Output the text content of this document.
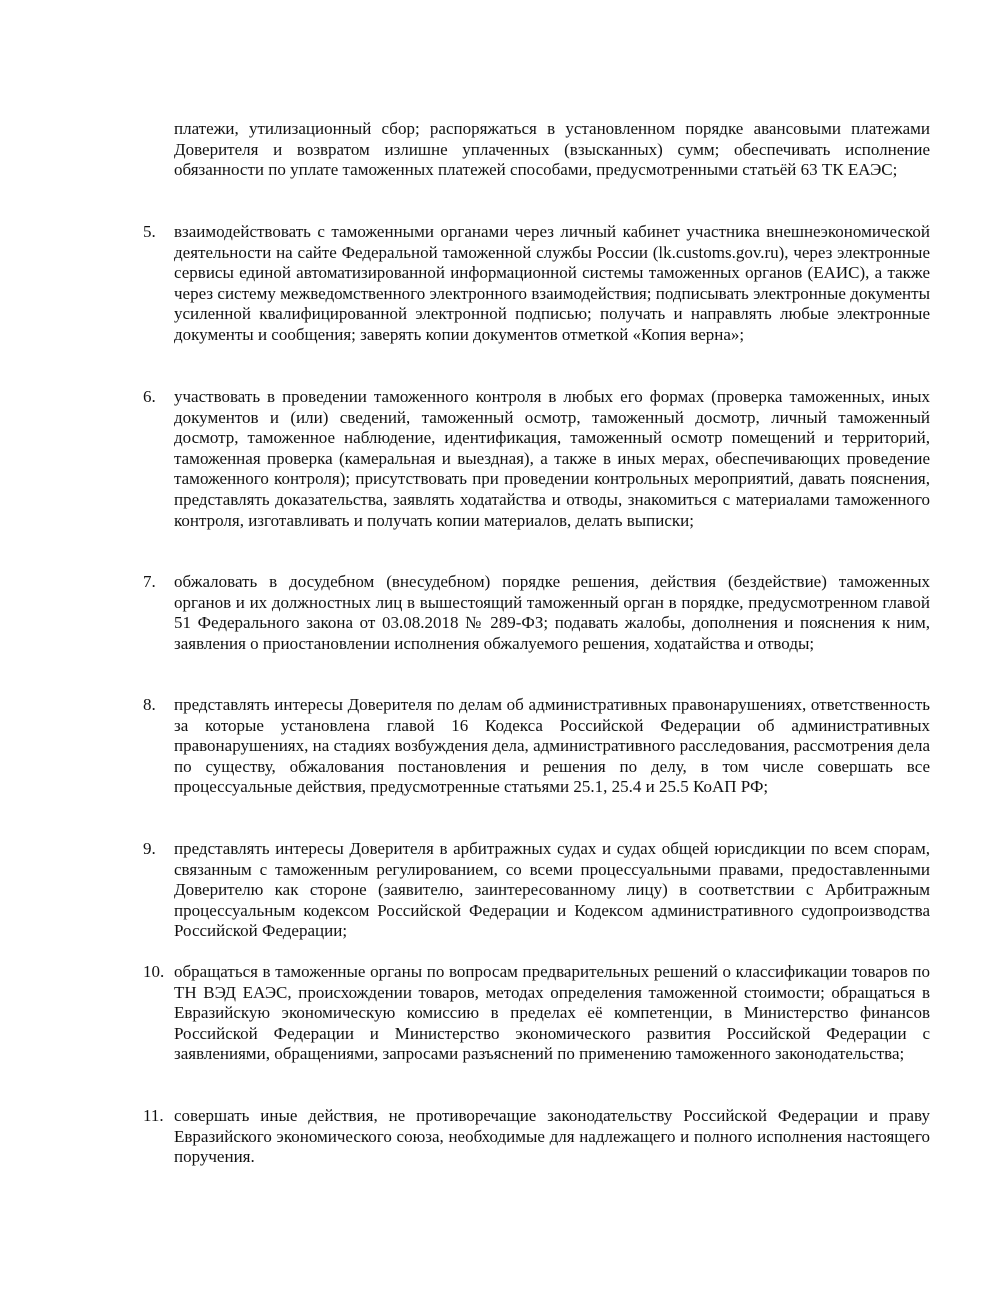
платежи, утилизационный сбор; распоряжаться в установленном порядке авансовыми платежами Доверителя и возвратом излишне уплаченных (взысканных) сумм; обеспечивать исполнение обязанности по уплате таможенных платежей способами, предусмотренными статьёй 63 ТК ЕАЭС;

5. взаимодействовать с таможенными органами через личный кабинет участника внешнеэкономической деятельности на сайте Федеральной таможенной службы России (lk.customs.gov.ru), через электронные сервисы единой автоматизированной информационной системы таможенных органов (ЕАИС), а также через систему межведомственного электронного взаимодействия; подписывать электронные документы усиленной квалифицированной электронной подписью; получать и направлять любые электронные документы и сообщения; заверять копии документов отметкой «Копия верна»;

6. участвовать в проведении таможенного контроля в любых его формах (проверка таможенных, иных документов и (или) сведений, таможенный осмотр, таможенный досмотр, личный таможенный досмотр, таможенное наблюдение, идентификация, таможенный осмотр помещений и территорий, таможенная проверка (камеральная и выездная), а также в иных мерах, обеспечивающих проведение таможенного контроля); присутствовать при проведении контрольных мероприятий, давать пояснения, представлять доказательства, заявлять ходатайства и отводы, знакомиться с материалами таможенного контроля, изготавливать и получать копии материалов, делать выписки;

7. обжаловать в досудебном (внесудебном) порядке решения, действия (бездействие) таможенных органов и их должностных лиц в вышестоящий таможенный орган в порядке, предусмотренном главой 51 Федерального закона от 03.08.2018 № 289-ФЗ; подавать жалобы, дополнения и пояснения к ним, заявления о приостановлении исполнения обжалуемого решения, ходатайства и отводы;

8. представлять интересы Доверителя по делам об административных правонарушениях, ответственность за которые установлена главой 16 Кодекса Российской Федерации об административных правонарушениях, на стадиях возбуждения дела, административного расследования, рассмотрения дела по существу, обжалования постановления и решения по делу, в том числе совершать все процессуальные действия, предусмотренные статьями 25.1, 25.4 и 25.5 КоАП РФ;

9. представлять интересы Доверителя в арбитражных судах и судах общей юрисдикции по всем спорам, связанным с таможенным регулированием, со всеми процессуальными правами, предоставленными Доверителю как стороне (заявителю, заинтересованному лицу) в соответствии с Арбитражным процессуальным кодексом Российской Федерации и Кодексом административного судопроизводства Российской Федерации;

10. обращаться в таможенные органы по вопросам предварительных решений о классификации товаров по ТН ВЭД ЕАЭС, происхождении товаров, методах определения таможенной стоимости; обращаться в Евразийскую экономическую комиссию в пределах её компетенции, в Министерство финансов Российской Федерации и Министерство экономического развития Российской Федерации с заявлениями, обращениями, запросами разъяснений по применению таможенного законодательства;

11. совершать иные действия, не противоречащие законодательству Российской Федерации и праву Евразийского экономического союза, необходимые для надлежащего и полного исполнения настоящего поручения.
